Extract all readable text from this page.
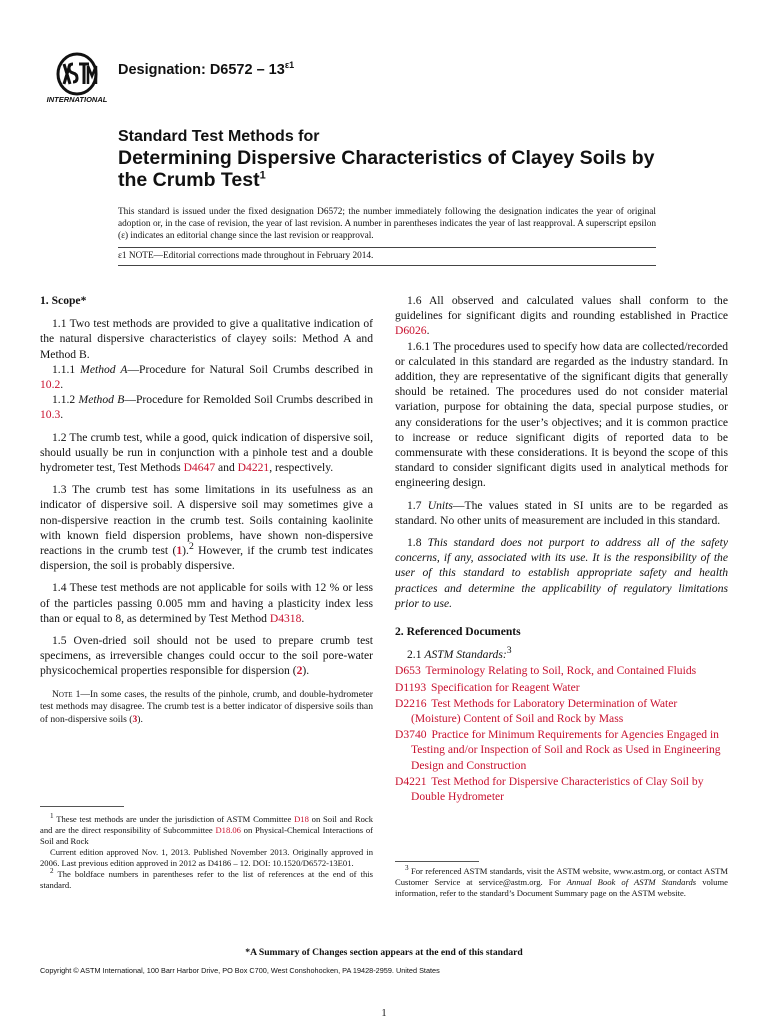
INTERNATIONAL
Designation: $D6572 - 13^{\varepsilon 1}$
Standard Test Methods for
Determining Dispersive Characteristics of Clayey Soils by the Crumb Test$^1$
This standard is issued under the fixed designation D6572; the number immediately following the designation indicates the year of original adoption or, in the case of revision, the year of last revision. A number in parentheses indicates the year of last reapproval. A superscript epsilon (ε) indicates an editorial change since the last revision or reapproval.
ε1 NOTE—Editorial corrections made throughout in February 2014.
1. Scope*

1.1 Two test methods are provided to give a qualitative indication of the natural dispersive characteristics of clayey soils: Method A and Method B.

1.1.1 Method A—Procedure for Natural Soil Crumbs described in 10.2.

1.1.2 Method B—Procedure for Remolded Soil Crumbs described in 10.3.

1.2 The crumb test, while a good, quick indication of dispersive soil, should usually be run in conjunction with a pinhole test and a double hydrometer test, Test Methods D4647 and D4221, respectively.

1.3 The crumb test has some limitations in its usefulness as an indicator of dispersive soil. A dispersive soil may sometimes give a non-dispersive reaction in the crumb test. Soils containing kaolinite with known field dispersion problems, have shown non-dispersive reactions in the crumb test (1).$^2$ However, if the crumb test indicates dispersion, the soil is probably dispersive.

1.4 These test methods are not applicable for soils with 12 % or less of the particles passing 0.005 mm and having a plasticity index less than or equal to 8, as determined by Test Method D4318.

1.5 Oven-dried soil should not be used to prepare crumb test specimens, as irreversible changes could occur to the soil pore-water physicochemical properties responsible for dispersion (2).

Note 1—In some cases, the results of the pinhole, crumb, and double-hydrometer test methods may disagree. The crumb test is a better indicator of dispersive soils than of non-dispersive soils (3).

1.6 All observed and calculated values shall conform to the guidelines for significant digits and rounding established in Practice D6026.

1.6.1 The procedures used to specify how data are collected/recorded or calculated in this standard are regarded as the industry standard. In addition, they are representative of the significant digits that generally should be retained. The procedures used do not consider material variation, purpose for obtaining the data, special purpose studies, or any considerations for the user’s objectives; and it is common practice to increase or reduce significant digits of reported data to be commensurate with these considerations. It is beyond the scope of this standard to consider significant digits used in analytical methods for engineering design.

1.7 Units—The values stated in SI units are to be regarded as standard. No other units of measurement are included in this standard.

1.8 This standard does not purport to address all of the safety concerns, if any, associated with its use. It is the responsibility of the user of this standard to establish appropriate safety and health practices and determine the applicability of regulatory limitations prior to use.

2. Referenced Documents

2.1 ASTM Standards:$^3$

D653 Terminology Relating to Soil, Rock, and Contained Fluids
D1193 Specification for Reagent Water
D2216 Test Methods for Laboratory Determination of Water (Moisture) Content of Soil and Rock by Mass
D3740 Practice for Minimum Requirements for Agencies Engaged in Testing and/or Inspection of Soil and Rock as Used in Engineering Design and Construction
D4221 Test Method for Dispersive Characteristics of Clay Soil by Double Hydrometer

$^1$ These test methods are under the jurisdiction of ASTM Committee D18 on Soil and Rock and are the direct responsibility of Subcommittee D18.06 on Physical-Chemical Interactions of Soil and Rock

Current edition approved Nov. 1, 2013. Published November 2013. Originally approved in 2006. Last previous edition approved in 2012 as D4186 – 12. DOI: 10.1520/D6572-13E01.

$^2$ The boldface numbers in parentheses refer to the list of references at the end of this standard.

$^3$ For referenced ASTM standards, visit the ASTM website, www.astm.org, or contact ASTM Customer Service at service@astm.org. For Annual Book of ASTM Standards volume information, refer to the standard’s Document Summary page on the ASTM website.

*A Summary of Changes section appears at the end of this standard
Copyright © ASTM International, 100 Barr Harbor Drive, PO Box C700, West Conshohocken, PA 19428-2959. United States
1
